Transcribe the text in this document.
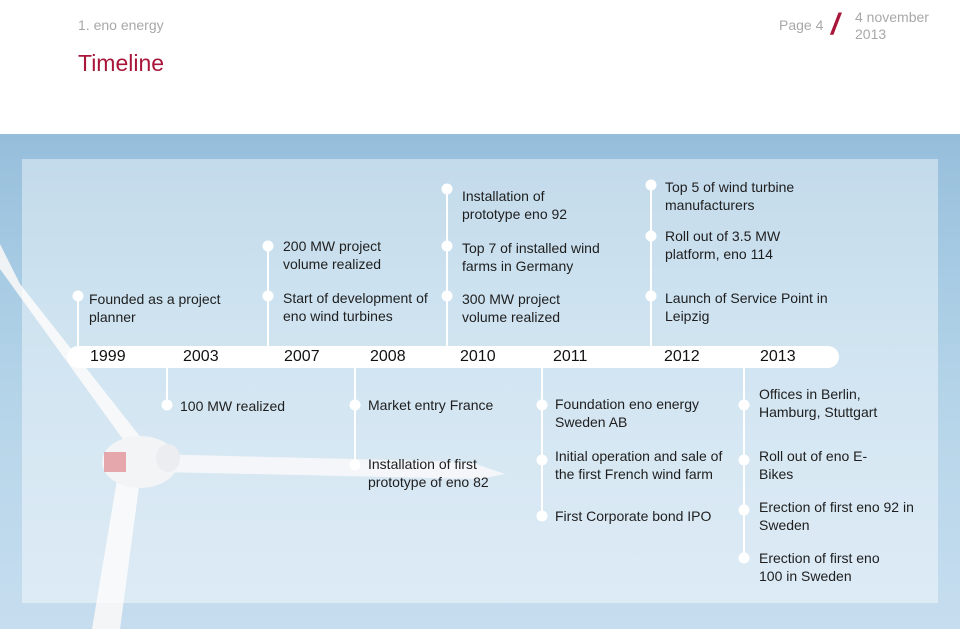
1. eno energy
Timeline
Page 4 / 4 november 2013
1999	2003	2007	2008	2010	2011	2012	2013
Founded as a project planner
200 MW project volume realized
Start of development of eno wind turbines
Installation of prototype eno 92
Top 7 of installed wind farms in Germany
300 MW project volume realized
Top 5 of wind turbine manufacturers
Roll out of 3.5 MW platform, eno 114
Launch of Service Point in Leipzig
100 MW realized	Market entry France
Installation of first prototype of eno 82
Foundation eno energy Sweden AB
Initial operation and sale of the first French wind farm
First Corporate bond IPO
Offices in Berlin, Hamburg, Stuttgart
Roll out of eno E-Bikes
Erection of first eno 92 in Sweden
Erection of first eno 100 in Sweden
